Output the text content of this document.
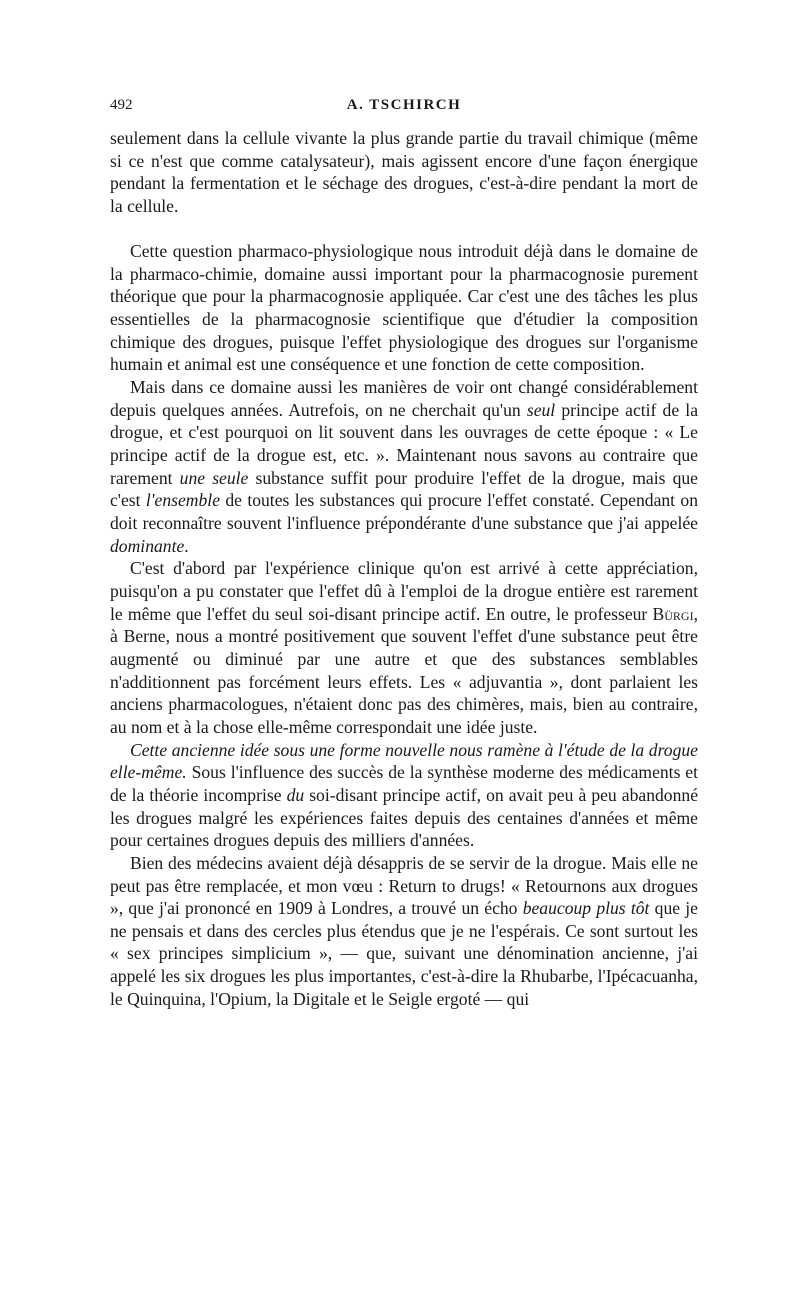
492	A. TSCHIRCH

seulement dans la cellule vivante la plus grande partie du travail chimique (même si ce n'est que comme catalysateur), mais agissent encore d'une façon énergique pendant la fermentation et le séchage des drogues, c'est-à-dire pendant la mort de la cellule.

Cette question pharmaco-physiologique nous introduit déjà dans le domaine de la pharmaco-chimie, domaine aussi important pour la pharmacognosie purement théorique que pour la pharmacognosie appliquée. Car c'est une des tâches les plus essentielles de la pharmacognosie scientifique que d'étudier la composition chimique des drogues, puisque l'effet physiologique des drogues sur l'organisme humain et animal est une conséquence et une fonction de cette composition.

Mais dans ce domaine aussi les manières de voir ont changé considérablement depuis quelques années. Autrefois, on ne cherchait qu'un seul principe actif de la drogue, et c'est pourquoi on lit souvent dans les ouvrages de cette époque : « Le principe actif de la drogue est, etc. ». Maintenant nous savons au contraire que rarement une seule substance suffit pour produire l'effet de la drogue, mais que c'est l'ensemble de toutes les substances qui procure l'effet constaté. Cependant on doit reconnaître souvent l'influence prépondérante d'une substance que j'ai appelée dominante.

C'est d'abord par l'expérience clinique qu'on est arrivé à cette appréciation, puisqu'on a pu constater que l'effet dû à l'emploi de la drogue entière est rarement le même que l'effet du seul soi-disant principe actif. En outre, le professeur Bürgi, à Berne, nous a montré positivement que souvent l'effet d'une substance peut être augmenté ou diminué par une autre et que des substances semblables n'additionnent pas forcément leurs effets. Les « adjuvantia », dont parlaient les anciens pharmacologues, n'étaient donc pas des chimères, mais, bien au contraire, au nom et à la chose elle-même correspondait une idée juste.

Cette ancienne idée sous une forme nouvelle nous ramène à l'étude de la drogue elle-même. Sous l'influence des succès de la synthèse moderne des médicaments et de la théorie incomprise du soi-disant principe actif, on avait peu à peu abandonné les drogues malgré les expériences faites depuis des centaines d'années et même pour certaines drogues depuis des milliers d'années.

Bien des médecins avaient déjà désappris de se servir de la drogue. Mais elle ne peut pas être remplacée, et mon vœu : Return to drugs! « Retournons aux drogues », que j'ai prononcé en 1909 à Londres, a trouvé un écho beaucoup plus tôt que je ne pensais et dans des cercles plus étendus que je ne l'espérais. Ce sont surtout les « sex principes simplicium », — que, suivant une dénomination ancienne, j'ai appelé les six drogues les plus importantes, c'est-à-dire la Rhubarbe, l'Ipécacuanha, le Quinquina, l'Opium, la Digitale et le Seigle ergoté — qui
